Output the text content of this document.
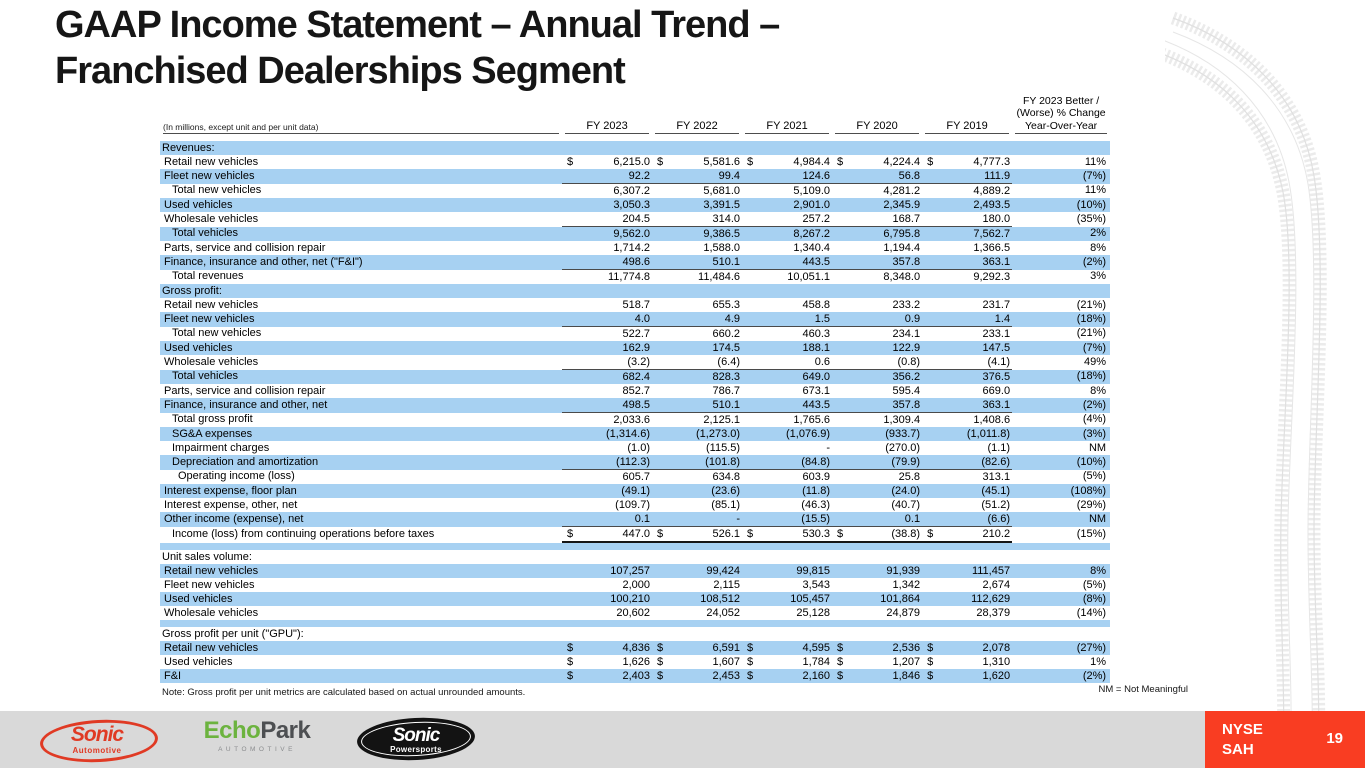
GAAP Income Statement – Annual Trend –
Franchised Dealerships Segment
(In millions, except unit and per unit data)	FY 2023		FY 2022		FY 2021		FY 2020		FY 2019		FY 2023 Better /
(Worse) % Change
Year-Over-Year

Revenues:											
Retail new vehicles	$	6,215.0	$	5,581.6	$	4,984.4	$	4,224.4	$	4,777.3	11%
Fleet new vehicles		92.2		99.4		124.6		56.8		111.9	(7%)
Total new vehicles		6,307.2		5,681.0		5,109.0		4,281.2		4,889.2	11%
Used vehicles		3,050.3		3,391.5		2,901.0		2,345.9		2,493.5	(10%)
Wholesale vehicles		204.5		314.0		257.2		168.7		180.0	(35%)
Total vehicles		9,562.0		9,386.5		8,267.2		6,795.8		7,562.7	2%
Parts, service and collision repair		1,714.2		1,588.0		1,340.4		1,194.4		1,366.5	8%
Finance, insurance and other, net ("F&I")		498.6		510.1		443.5		357.8		363.1	(2%)
Total revenues		11,774.8		11,484.6		10,051.1		8,348.0		9,292.3	3%
Gross profit:											
Retail new vehicles		518.7		655.3		458.8		233.2		231.7	(21%)
Fleet new vehicles		4.0		4.9		1.5		0.9		1.4	(18%)
Total new vehicles		522.7		660.2		460.3		234.1		233.1	(21%)
Used vehicles		162.9		174.5		188.1		122.9		147.5	(7%)
Wholesale vehicles		(3.2)		(6.4)		0.6		(0.8)		(4.1)	49%
Total vehicles		682.4		828.3		649.0		356.2		376.5	(18%)
Parts, service and collision repair		852.7		786.7		673.1		595.4		669.0	8%
Finance, insurance and other, net		498.5		510.1		443.5		357.8		363.1	(2%)
Total gross profit		2,033.6		2,125.1		1,765.6		1,309.4		1,408.6	(4%)
SG&A expenses		(1,314.6)		(1,273.0)		(1,076.9)		(933.7)		(1,011.8)	(3%)
Impairment charges		(1.0)		(115.5)		-		(270.0)		(1.1)	NM
Depreciation and amortization		(112.3)		(101.8)		(84.8)		(79.9)		(82.6)	(10%)
Operating income (loss)		605.7		634.8		603.9		25.8		313.1	(5%)
Interest expense, floor plan		(49.1)		(23.6)		(11.8)		(24.0)		(45.1)	(108%)
Interest expense, other, net		(109.7)		(85.1)		(46.3)		(40.7)		(51.2)	(29%)
Other income (expense), net		0.1		-		(15.5)		0.1		(6.6)	NM
Income (loss) from continuing operations before taxes	$	447.0	$	526.1	$	530.3	$	(38.8)	$	210.2	(15%)

Unit sales volume:											
Retail new vehicles		107,257		99,424		99,815		91,939		111,457	8%
Fleet new vehicles		2,000		2,115		3,543		1,342		2,674	(5%)
Used vehicles		100,210		108,512		105,457		101,864		112,629	(8%)
Wholesale vehicles		20,602		24,052		25,128		24,879		28,379	(14%)

Gross profit per unit ("GPU"):											
Retail new vehicles	$	4,836	$	6,591	$	4,595	$	2,536	$	2,078	(27%)
Used vehicles	$	1,626	$	1,607	$	1,784	$	1,207	$	1,310	1%
F&I	$	2,403	$	2,453	$	2,160	$	1,846	$	1,620	(2%)
Note: Gross profit per unit metrics are calculated based on actual unrounded amounts.	NM = Not Meaningful
Sonic
Automotive
EchoPark
AUTOMOTIVE
Sonic
Powersports
NYSE
SAH
19
